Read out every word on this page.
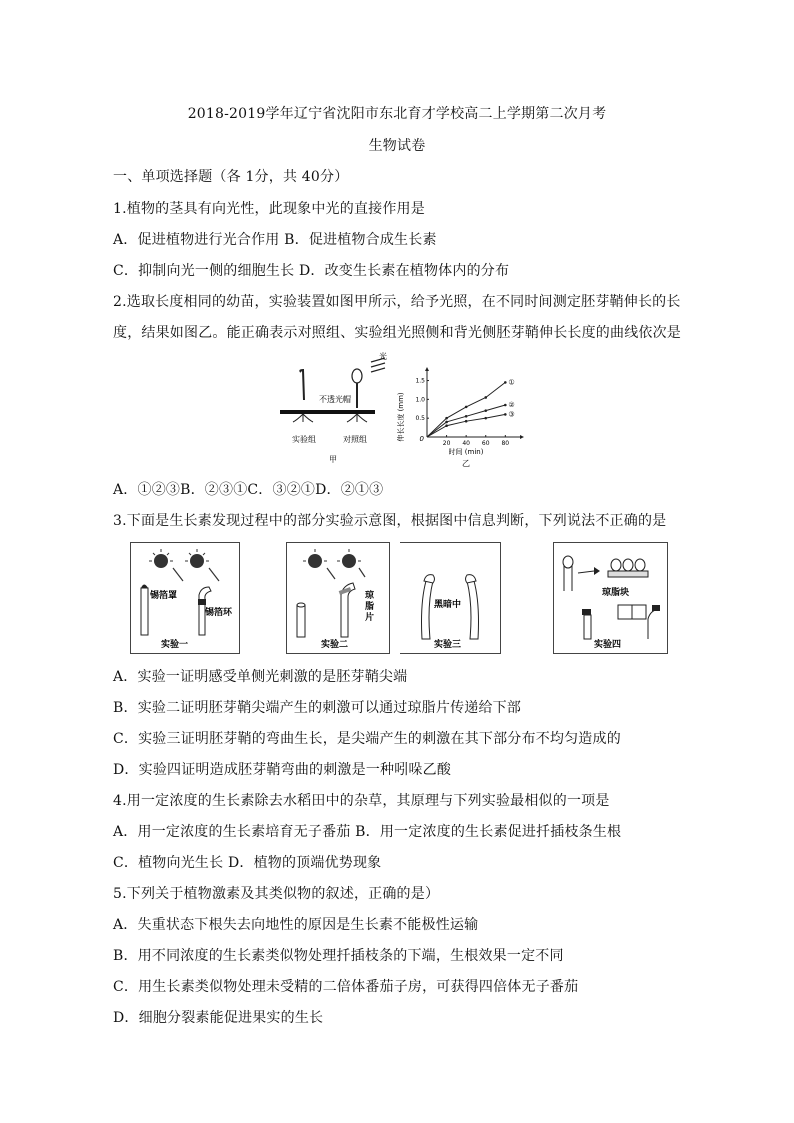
2018-2019学年辽宁省沈阳市东北育才学校高二上学期第二次月考
生物试卷
一、单项选择题（各 1分，共 40分）
1.植物的茎具有向光性，此现象中光的直接作用是
A．促进植物进行光合作用 B．促进植物合成生长素
C．抑制向光一侧的细胞生长 D．改变生长素在植物体内的分布
2.选取长度相同的幼苗，实验装置如图甲所示，给予光照，在不同时间测定胚芽鞘伸长的长
度，结果如图乙。能正确表示对照组、实验组光照侧和背光侧胚芽鞘伸长长度的曲线依次是
光
不透光帽
实验组	对照组
甲
伸长长度 (mm)
时间 (min)
乙
0
20 40 60 80
0.5
1.0
1.5	①
②
③
A．①②③B．②③①C．③②①D．②①③
3.下面是生长素发现过程中的部分实验示意图，根据图中信息判断，下列说法不正确的是
锡箔罩
锡箔环
实验一
琼脂片
实验二
黑暗中
实验三
琼脂块
实验四
A．实验一证明感受单侧光刺激的是胚芽鞘尖端
B．实验二证明胚芽鞘尖端产生的刺激可以通过琼脂片传递给下部
C．实验三证明胚芽鞘的弯曲生长，是尖端产生的刺激在其下部分布不均匀造成的
D．实验四证明造成胚芽鞘弯曲的刺激是一种吲哚乙酸
4.用一定浓度的生长素除去水稻田中的杂草，其原理与下列实验最相似的一项是
A．用一定浓度的生长素培育无子番茄 B．用一定浓度的生长素促进扦插枝条生根
C．植物向光生长 D．植物的顶端优势现象
5.下列关于植物激素及其类似物的叙述，正确的是）
A．失重状态下根失去向地性的原因是生长素不能极性运输
B．用不同浓度的生长素类似物处理扦插枝条的下端，生根效果一定不同
C．用生长素类似物处理未受精的二倍体番茄子房，可获得四倍体无子番茄
D．细胞分裂素能促进果实的生长
